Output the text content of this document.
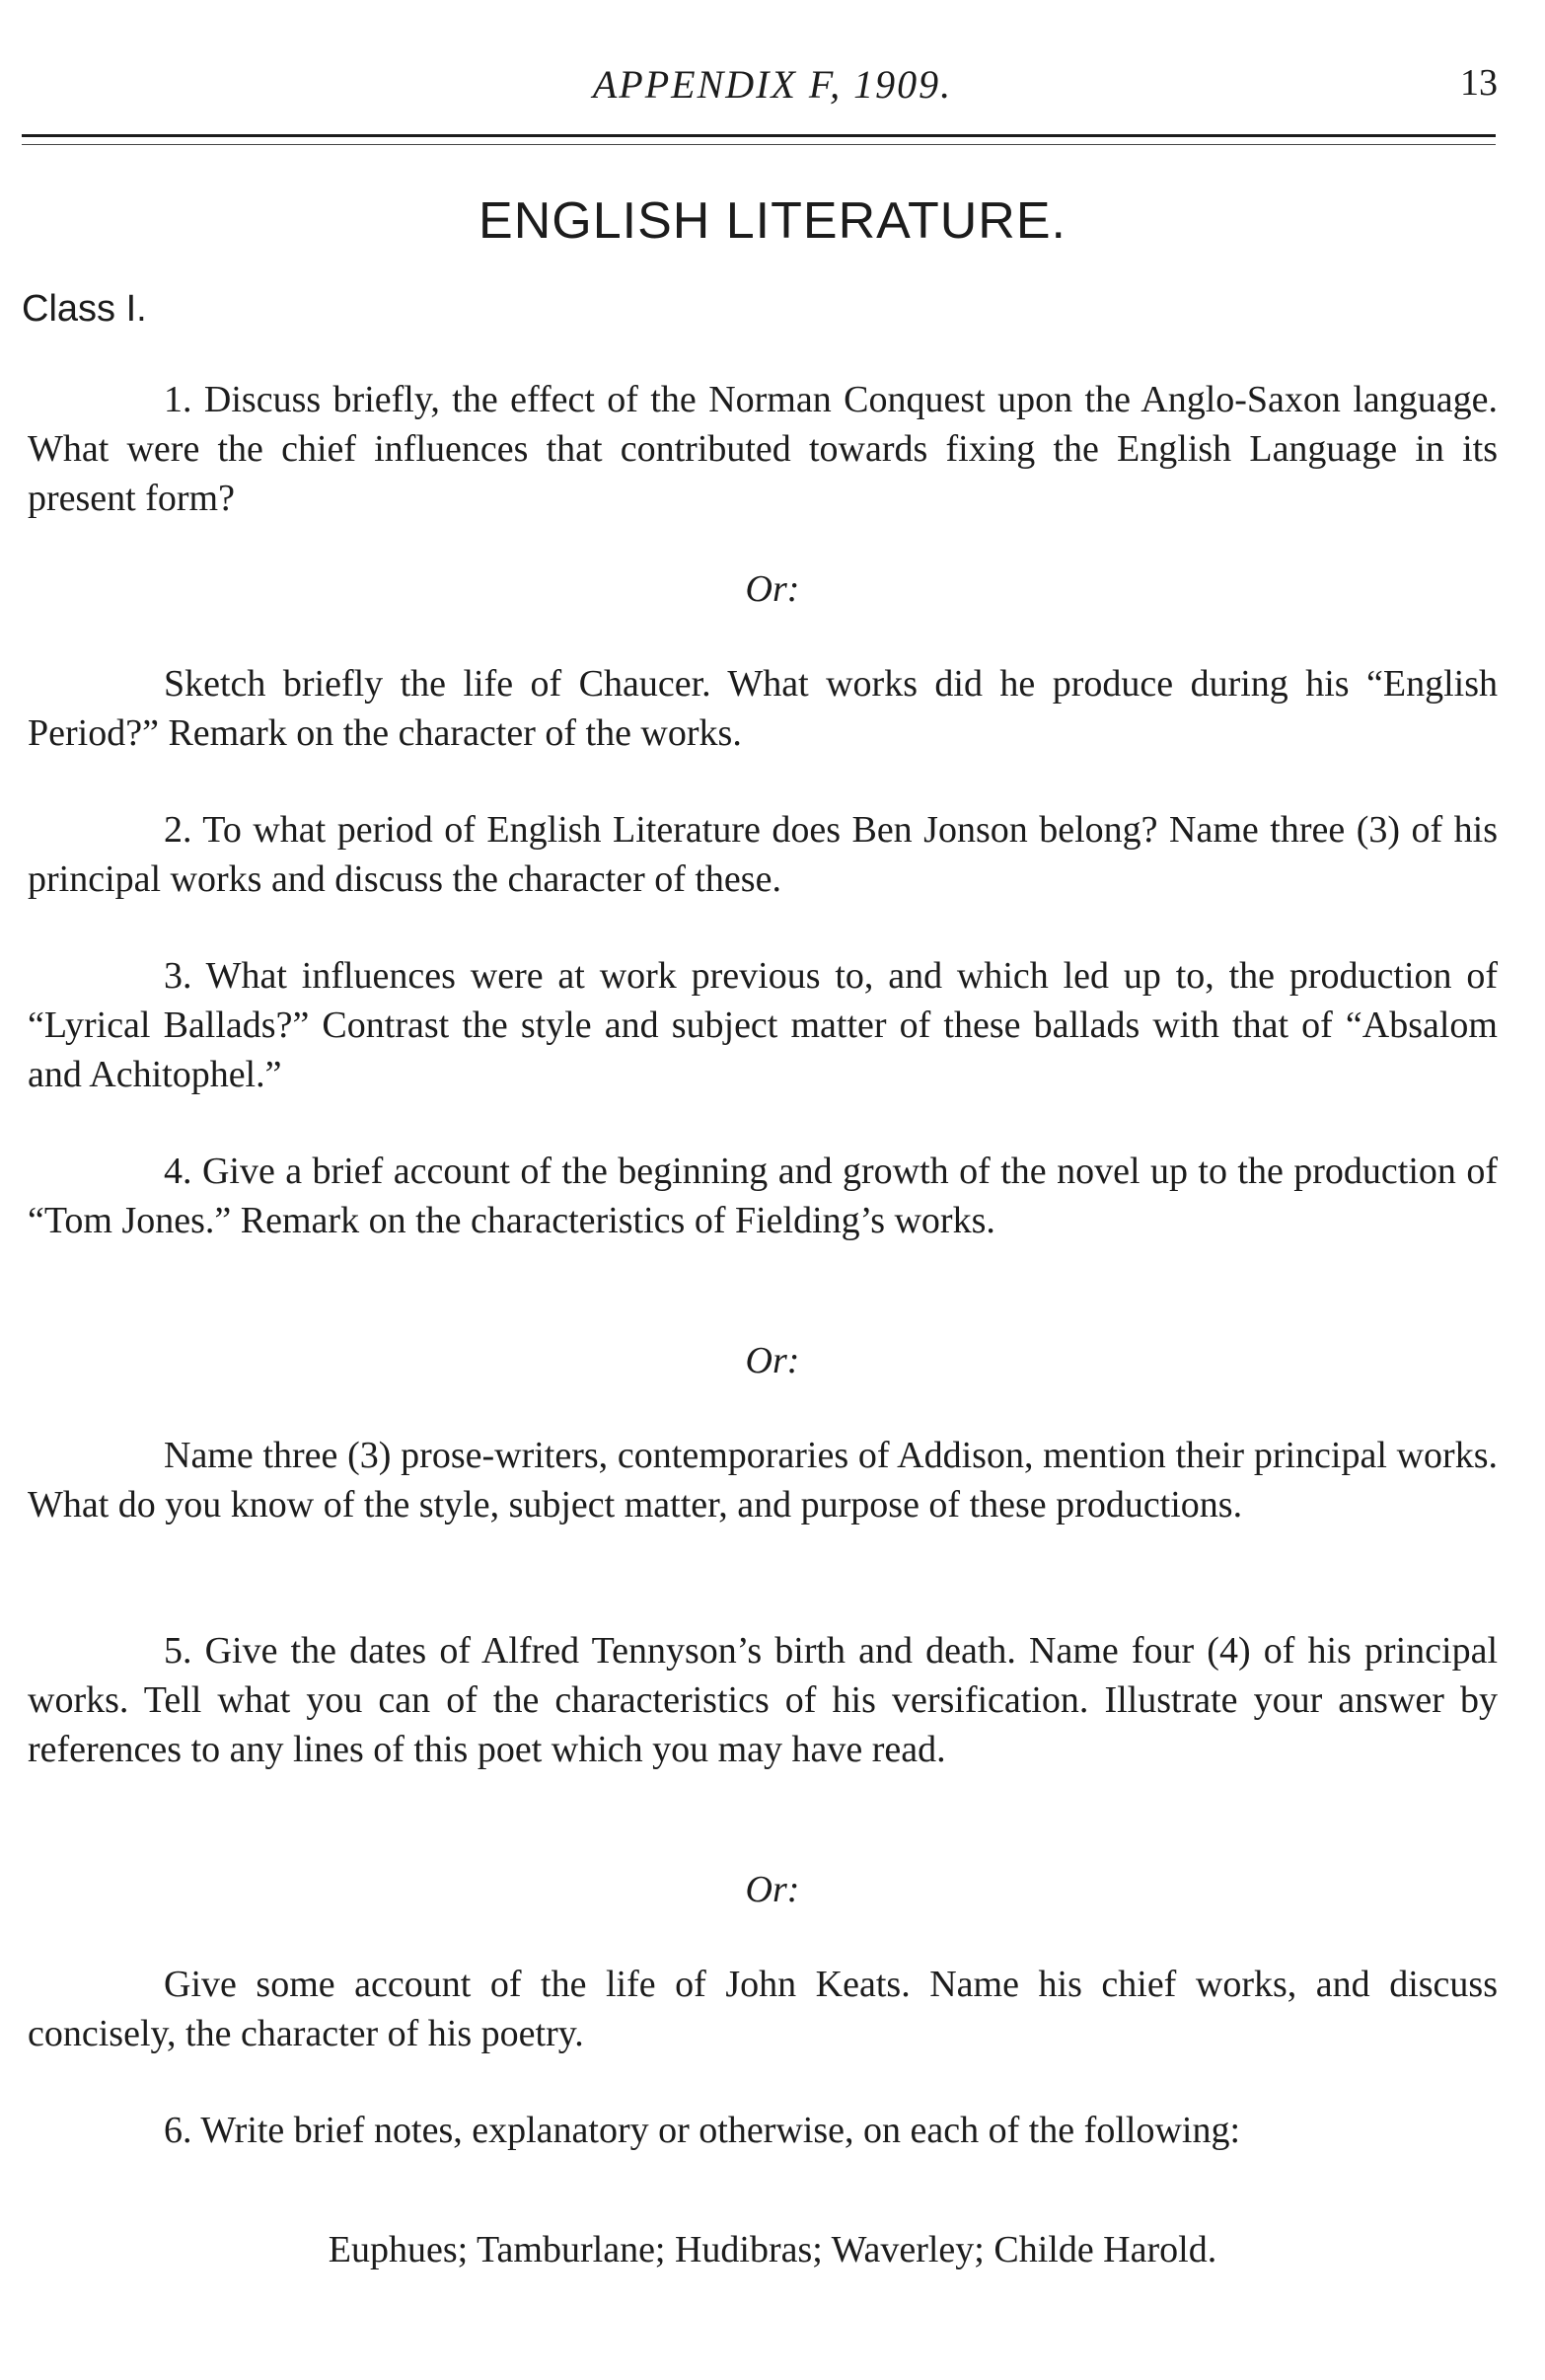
APPENDIX F, 1909.	13
ENGLISH LITERATURE.
Class I.

1. Discuss briefly, the effect of the Norman Conquest upon the Anglo-Saxon language. What were the chief influences that contributed towards fixing the English Language in its present form?

Or:

Sketch briefly the life of Chaucer. What works did he produce during his “English Period?” Remark on the character of the works.

2. To what period of English Literature does Ben Jonson belong? Name three (3) of his principal works and discuss the character of these.

3. What influences were at work previous to, and which led up to, the production of “Lyrical Ballads?” Contrast the style and subject matter of these ballads with that of “Absalom and Achitophel.”

4. Give a brief account of the beginning and growth of the novel up to the production of “Tom Jones.” Remark on the characteristics of Fielding’s works.

Or:

Name three (3) prose-writers, contemporaries of Addison, mention their principal works. What do you know of the style, subject matter, and purpose of these productions.

5. Give the dates of Alfred Tennyson’s birth and death. Name four (4) of his principal works. Tell what you can of the characteristics of his versification. Illustrate your answer by references to any lines of this poet which you may have read.

Or:

Give some account of the life of John Keats. Name his chief works, and discuss concisely, the character of his poetry.

6. Write brief notes, explanatory or otherwise, on each of the following:

Euphues; Tamburlane; Hudibras; Waverley; Childe Harold.
